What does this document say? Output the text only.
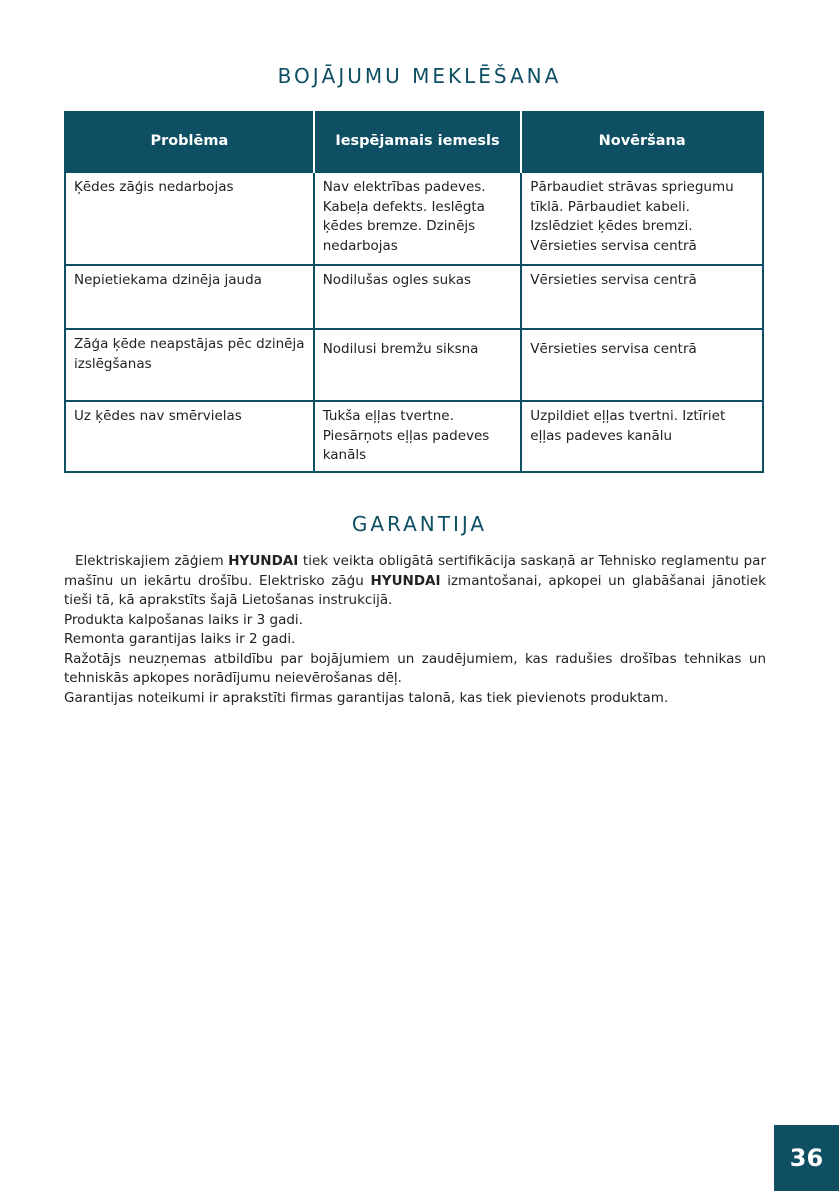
BOJĀJUMU MEKLĒŠANA
Problēma	Iespējamais iemesls	Novēršana
Ķēdes zāģis nedarbojas	Nav elektrības padeves. Kabeļa defekts. Ieslēgta ķēdes bremze. Dzinējs nedarbojas	Pārbaudiet strāvas spriegumu tīklā. Pārbaudiet kabeli. Izslēdziet ķēdes bremzi. Vērsieties servisa centrā
Nepietiekama dzinēja jauda	Nodilušas ogles sukas	Vērsieties servisa centrā
Zāģa ķēde neapstājas pēc dzinēja izslēgšanas	Nodilusi bremžu siksna	Vērsieties servisa centrā
Uz ķēdes nav smērvielas	Tukša eļļas tvertne. Piesārņots eļļas padeves kanāls	Uzpildiet eļļas tvertni. Iztīriet eļļas padeves kanālu
GARANTIJA

Elektriskajiem zāģiem HYUNDAI tiek veikta obligātā sertifikācija saskaņā ar Tehnisko reglamentu par mašīnu un iekārtu drošību. Elektrisko zāģu HYUNDAI izmantošanai, apkopei un glabāšanai jānotiek tieši tā, kā aprakstīts šajā Lietošanas instrukcijā.

Produkta kalpošanas laiks ir 3 gadi.

Remonta garantijas laiks ir 2 gadi.

Ražotājs neuzņemas atbildību par bojājumiem un zaudējumiem, kas radušies drošības tehnikas un tehniskās apkopes norādījumu neievērošanas dēļ.

Garantijas noteikumi ir aprakstīti firmas garantijas talonā, kas tiek pievienots produktam.

36
